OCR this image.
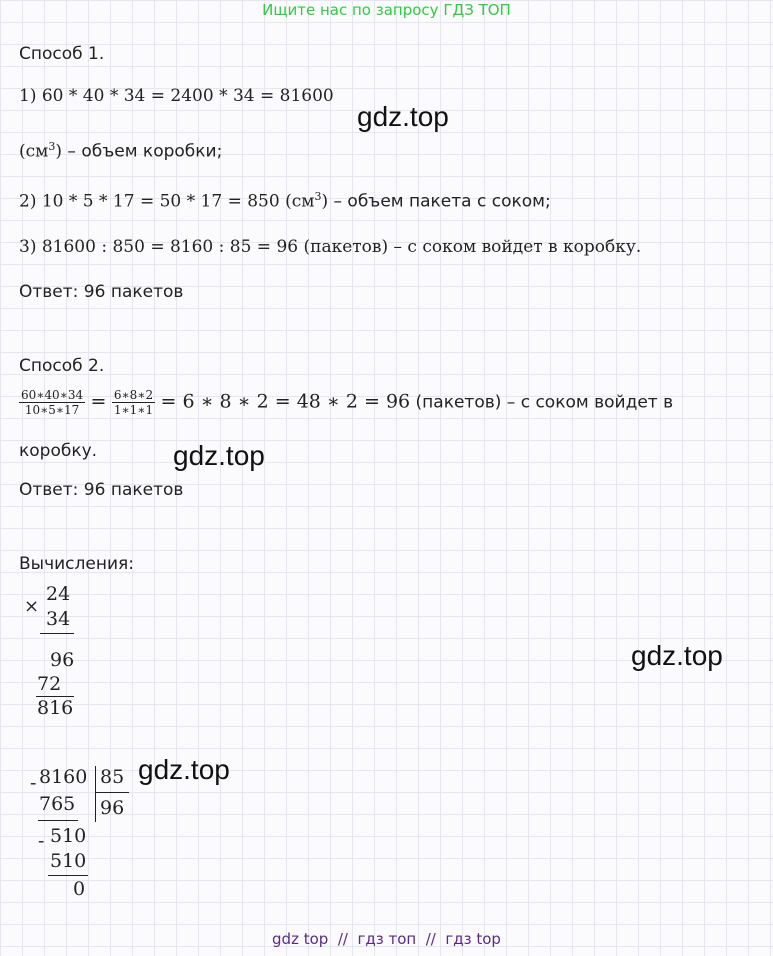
Ищите нас по запросу ГДЗ ТОП
Способ 1.
1) 60 * 40 * 34 = 2400 * 34 = 81600
gdz.top
$(см^3)$ – объем коробки;
2) 10 * 5 * 17 = 50 * 17 = 850 $(см^3)$ – объем пакета с соком;
3) 81600 : 850 = 8160 : 85 = 96 (пакетов) – с соком войдет в коробку.
Ответ: 96 пакетов
Способ 2.
$\frac{60∗40∗34}{10∗5∗17} = \frac{6∗8∗2}{1∗1∗1} = 6$ ∗ 8 ∗ 2 = 48 ∗ 2 = 96 (пакетов) – с соком войдет в
коробку.	gdz.top
Ответ: 96 пакетов
Вычисления:
×
24
34
96
72
816
gdz.top
- 8160 85
96
765
- 510
510
0
gdz.top
gdz top  //  гдз топ  //  гдз top
